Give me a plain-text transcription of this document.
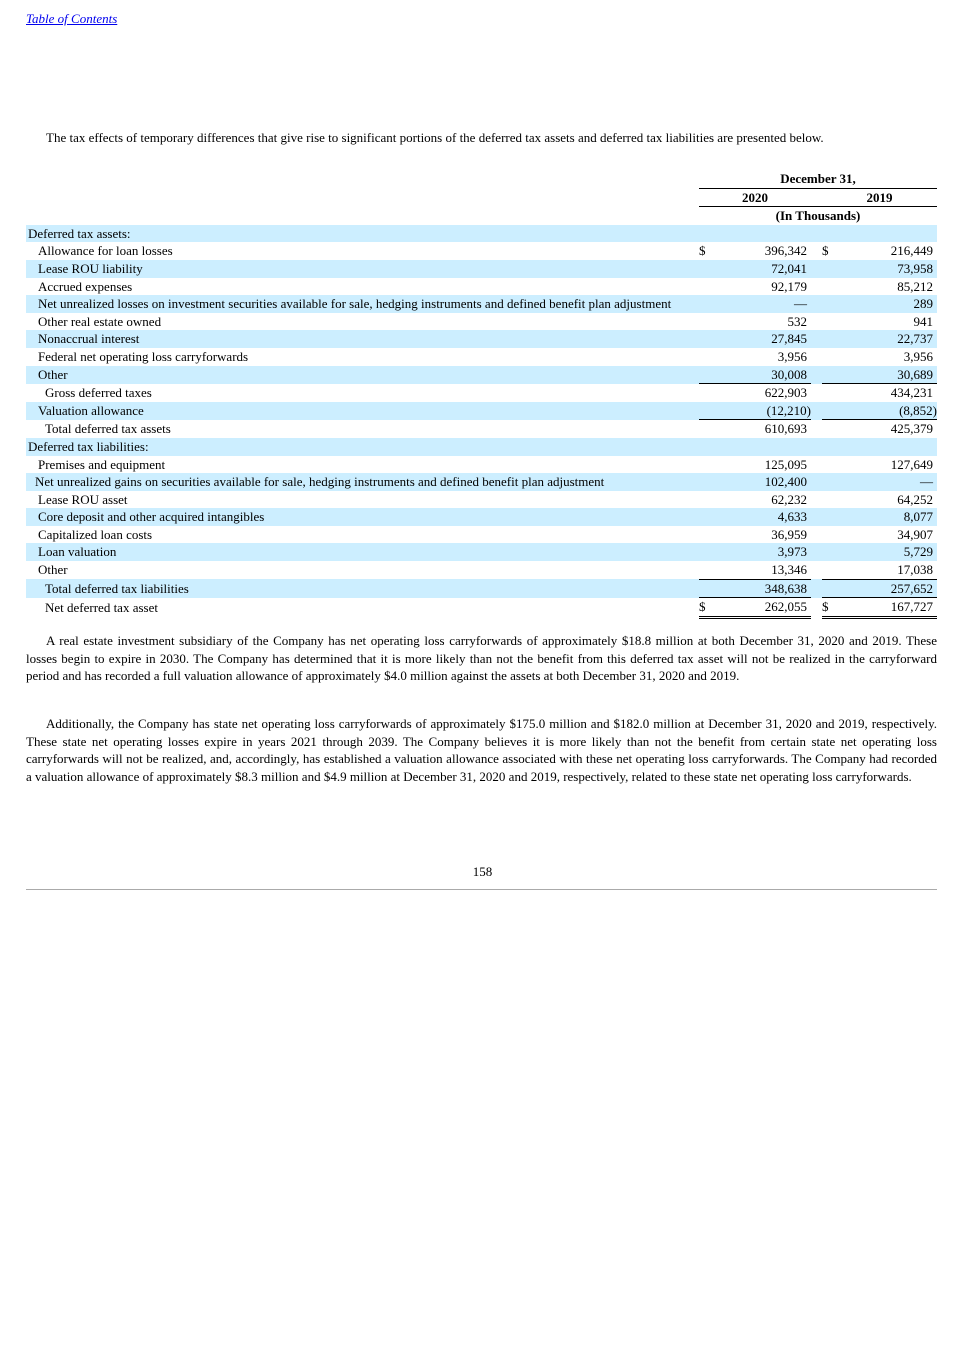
Table of Contents

The tax effects of temporary differences that give rise to significant portions of the deferred tax assets and deferred tax liabilities are presented below.

		December 31,				
		2020			2019	
		(In Thousands)				
Deferred tax assets:						
Allowance for loan losses		$	396,342		$	216,449
Lease ROU liability			72,041			73,958
Accrued expenses			92,179			85,212
Net unrealized losses on investment securities available for sale, hedging instruments and defined benefit plan adjustment			—			289
Other real estate owned			532			941
Nonaccrual interest			27,845			22,737
Federal net operating loss carryforwards			3,956			3,956
Other			30,008			30,689
Gross deferred taxes			622,903			434,231
Valuation allowance			(12,210)			(8,852)
Total deferred tax assets			610,693			425,379
Deferred tax liabilities:						
Premises and equipment			125,095			127,649
Net unrealized gains on securities available for sale, hedging instruments and defined benefit plan adjustment			102,400			—
Lease ROU asset			62,232			64,252
Core deposit and other acquired intangibles			4,633			8,077
Capitalized loan costs			36,959			34,907
Loan valuation			3,973			5,729
Other			13,346			17,038
Total deferred tax liabilities			348,638			257,652
Net deferred tax asset		$	262,055		$	167,727

A real estate investment subsidiary of the Company has net operating loss carryforwards of approximately $18.8 million at both December 31, 2020 and 2019. These losses begin to expire in 2030. The Company has determined that it is more likely than not the benefit from this deferred tax asset will not be realized in the carryforward period and has recorded a full valuation allowance of approximately $4.0 million against the assets at both December 31, 2020 and 2019.

Additionally, the Company has state net operating loss carryforwards of approximately $175.0 million and $182.0 million at December 31, 2020 and 2019, respectively. These state net operating losses expire in years 2021 through 2039. The Company believes it is more likely than not the benefit from certain state net operating loss carryforwards will not be realized, and, accordingly, has established a valuation allowance associated with these net operating loss carryforwards. The Company had recorded a valuation allowance of approximately $8.3 million and $4.9 million at December 31, 2020 and 2019, respectively, related to these state net operating loss carryforwards.

158
